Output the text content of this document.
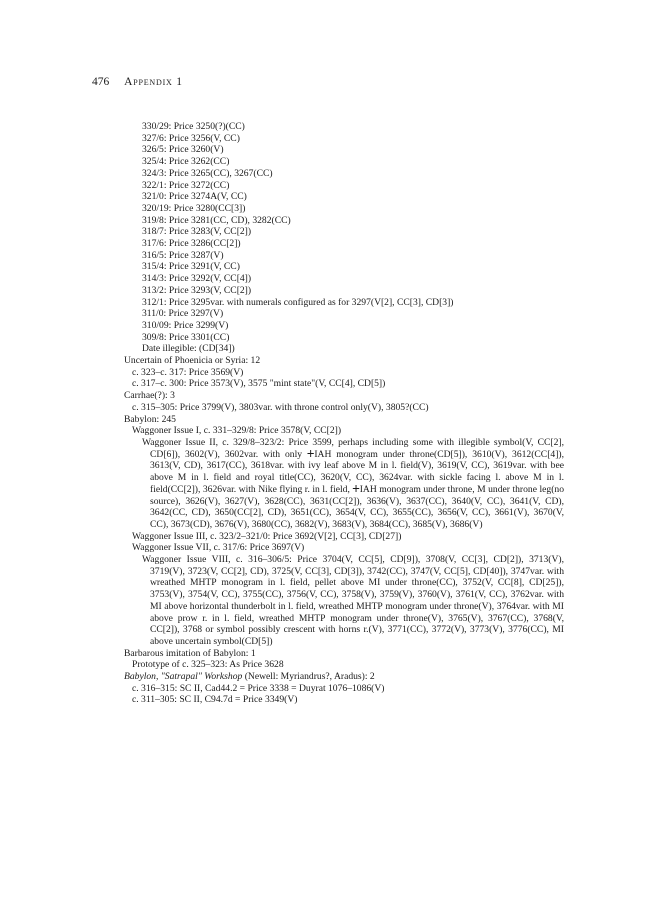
476 Appendix 1
330/29: Price 3250(?)(CC)
327/6: Price 3256(V, CC)
326/5: Price 3260(V)
325/4: Price 3262(CC)
324/3: Price 3265(CC), 3267(CC)
322/1: Price 3272(CC)
321/0: Price 3274A(V, CC)
320/19: Price 3280(CC[3])
319/8: Price 3281(CC, CD), 3282(CC)
318/7: Price 3283(V, CC[2])
317/6: Price 3286(CC[2])
316/5: Price 3287(V)
315/4: Price 3291(V, CC)
314/3: Price 3292(V, CC[4])
313/2: Price 3293(V, CC[2])
312/1: Price 3295var. with numerals configured as for 3297(V[2], CC[3], CD[3])
311/0: Price 3297(V)
310/09: Price 3299(V)
309/8: Price 3301(CC)
Date illegible: (CD[34])
Uncertain of Phoenicia or Syria: 12
c. 323–c. 317: Price 3569(V)
c. 317–c. 300: Price 3573(V), 3575 "mint state"(V, CC[4], CD[5])
Carrhae(?): 3
c. 315–305: Price 3799(V), 3803var. with throne control only(V), 3805?(CC)
Babylon: 245
Waggoner Issue I, c. 331–329/8: Price 3578(V, CC[2])
Waggoner Issue II, c. 329/8–323/2: Price 3599, perhaps including some with illegible symbol(V, CC[2], CD[6]), 3602(V), 3602var. with only ⵜΙΑΗ monogram under throne(CD[5]), 3610(V), 3612(CC[4]), 3613(V, CD), 3617(CC), 3618var. with ivy leaf above Μ in l. field(V), 3619(V, CC), 3619var. with bee above Μ in l. field and royal title(CC), 3620(V, CC), 3624var. with sickle facing l. above Μ in l. field(CC[2]), 3626var. with Nike flying r. in l. field, ⵜΙΑΗ monogram under throne, Μ under throne leg(no source), 3626(V), 3627(V), 3628(CC), 3631(CC[2]), 3636(V), 3637(CC), 3640(V, CC), 3641(V, CD), 3642(CC, CD), 3650(CC[2], CD), 3651(CC), 3654(V, CC), 3655(CC), 3656(V, CC), 3661(V), 3670(V, CC), 3673(CD), 3676(V), 3680(CC), 3682(V), 3683(V), 3684(CC), 3685(V), 3686(V)
Waggoner Issue III, c. 323/2–321/0: Price 3692(V[2], CC[3], CD[27])
Waggoner Issue VII, c. 317/6: Price 3697(V)
Waggoner Issue VIII, c. 316–306/5: Price 3704(V, CC[5], CD[9]), 3708(V, CC[3], CD[2]), 3713(V), 3719(V), 3723(V, CC[2], CD), 3725(V, CC[3], CD[3]), 3742(CC), 3747(V, CC[5], CD[40]), 3747var. with wreathed ΜΗΤΡ monogram in l. field, pellet above ΜΙ under throne(CC), 3752(V, CC[8], CD[25]), 3753(V), 3754(V, CC), 3755(CC), 3756(V, CC), 3758(V), 3759(V), 3760(V), 3761(V, CC), 3762var. with ΜΙ above horizontal thunderbolt in l. field, wreathed ΜΗΤΡ monogram under throne(V), 3764var. with ΜΙ above prow r. in l. field, wreathed ΜΗΤΡ monogram under throne(V), 3765(V), 3767(CC), 3768(V, CC[2]), 3768 or symbol possibly crescent with horns r.(V), 3771(CC), 3772(V), 3773(V), 3776(CC), ΜΙ above uncertain symbol(CD[5])
Barbarous imitation of Babylon: 1
Prototype of c. 325–323: As Price 3628
Babylon, "Satrapal" Workshop (Newell: Myriandrus?, Aradus): 2
c. 316–315: SC II, Cad44.2 = Price 3338 = Duyrat 1076–1086(V)
c. 311–305: SC II, C94.7d = Price 3349(V)
